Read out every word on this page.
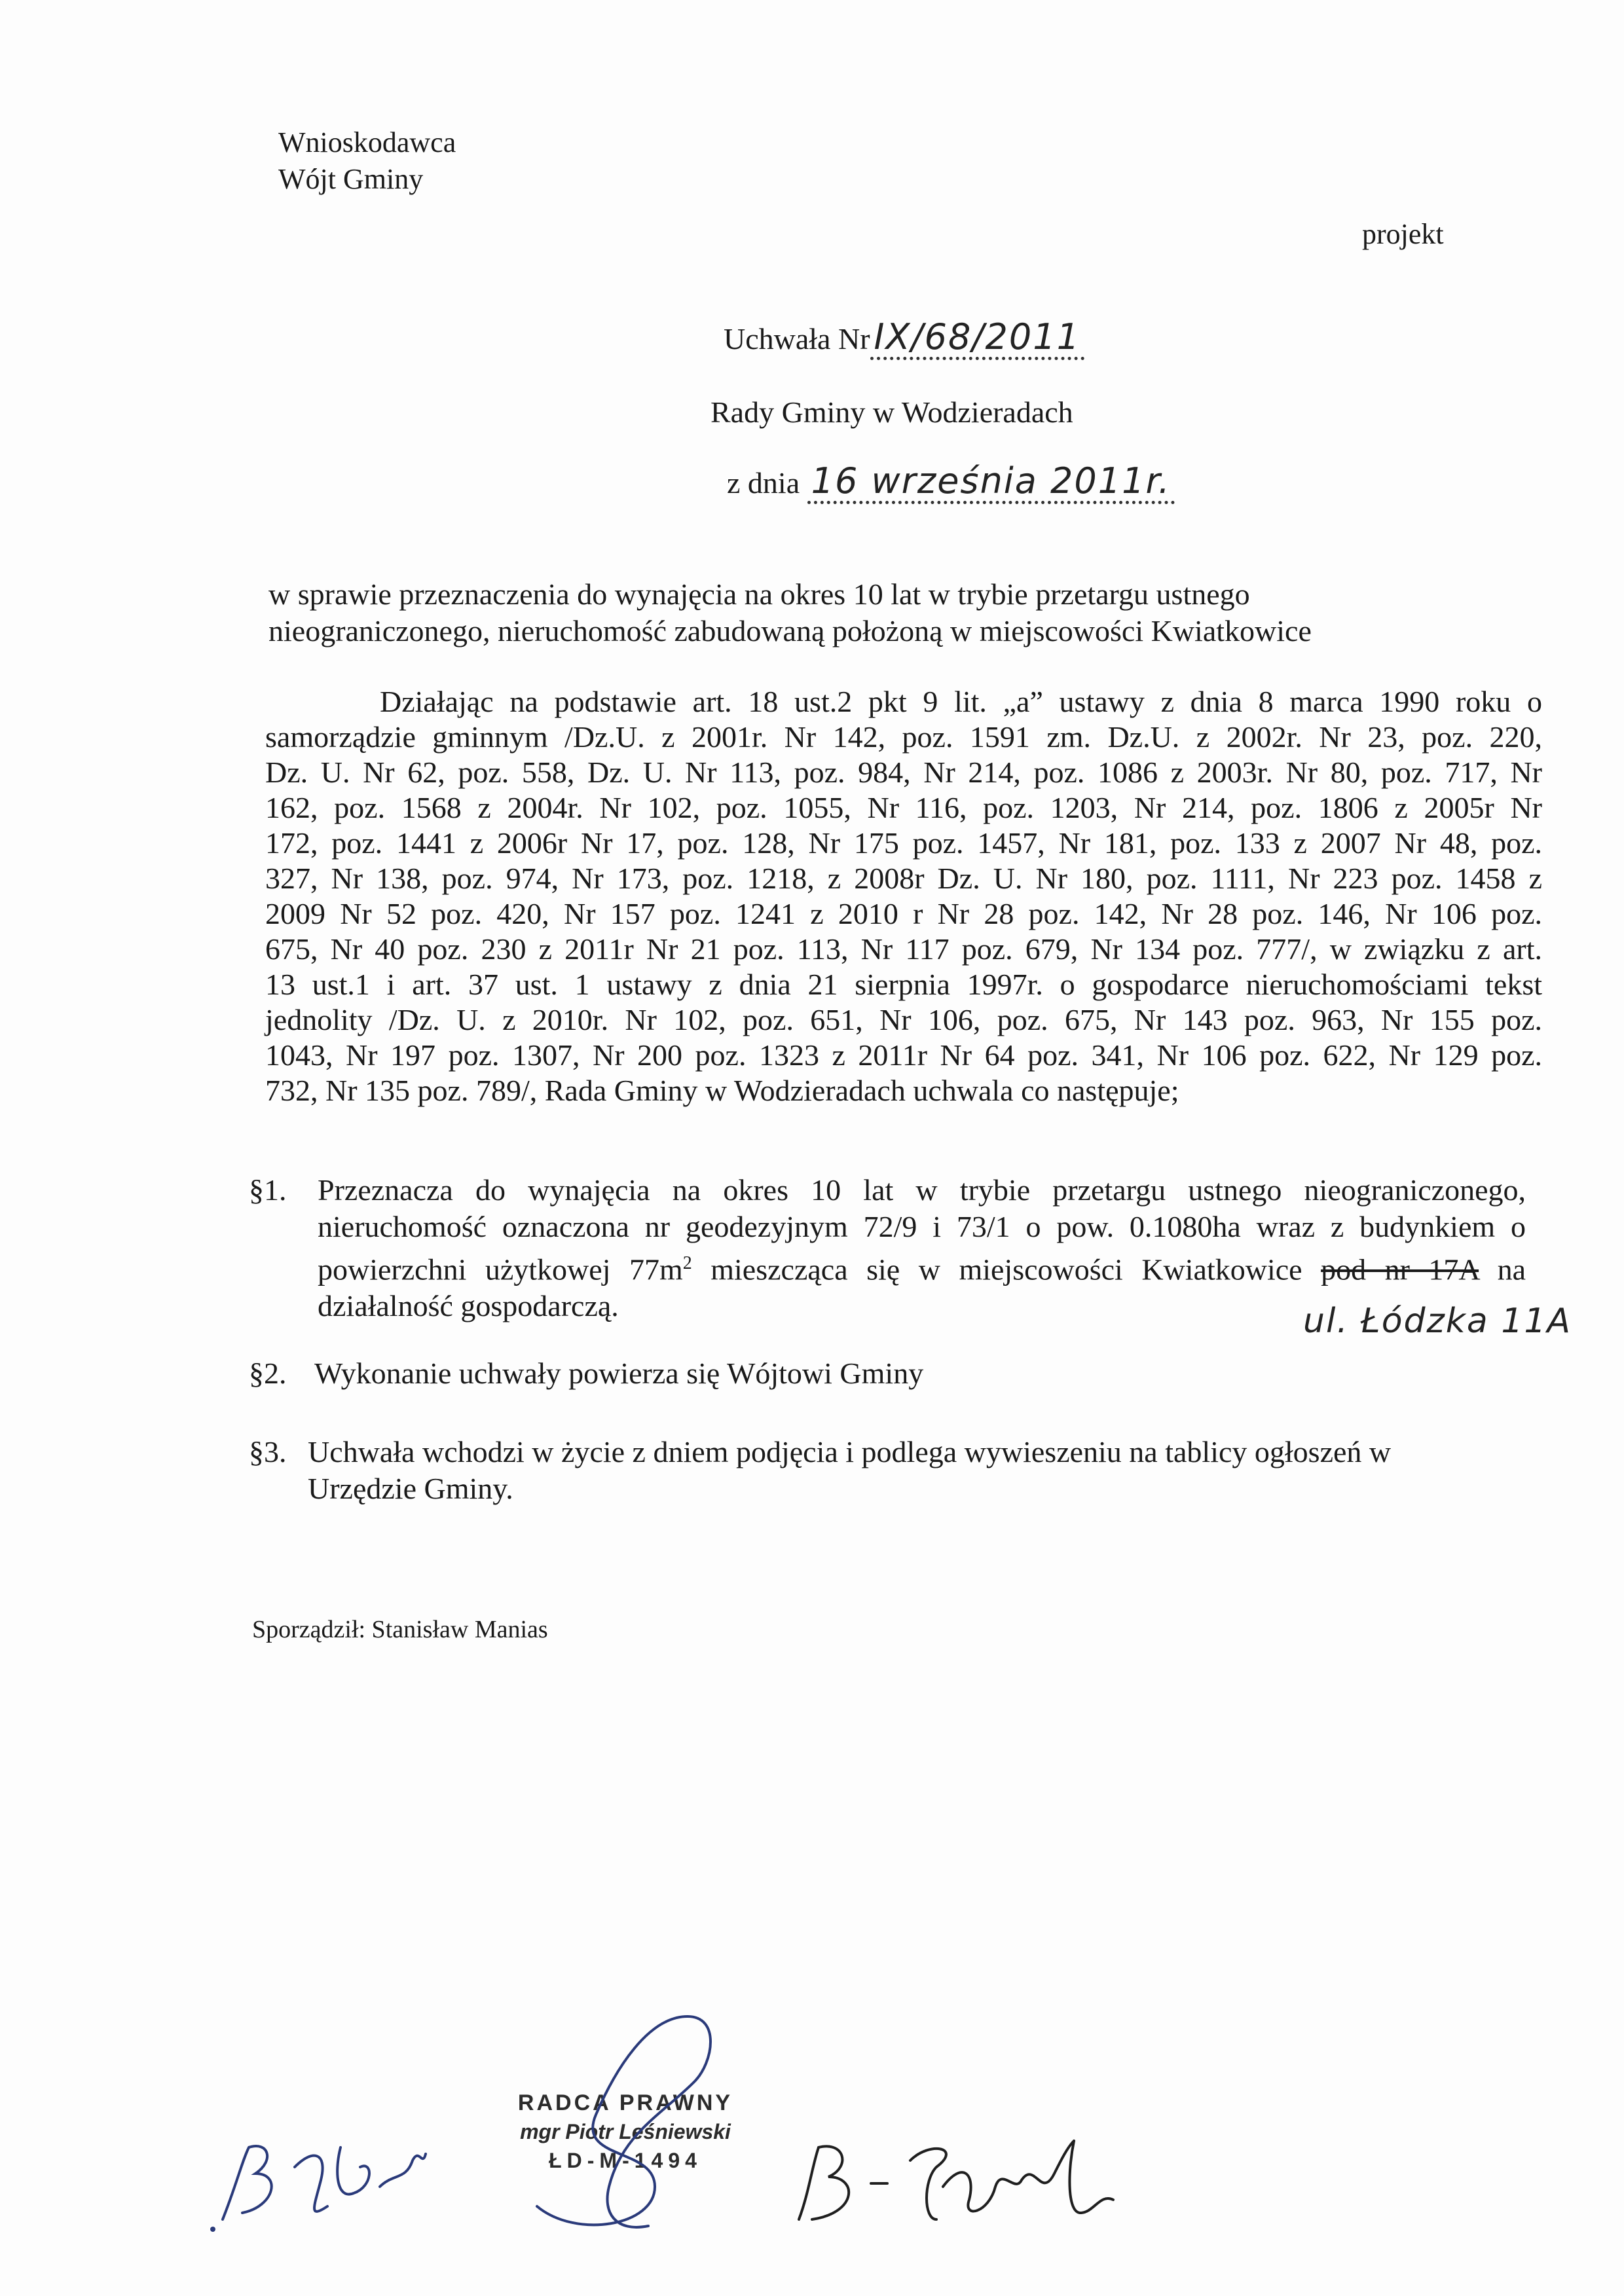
Wnioskodawca
Wójt Gminy
projekt
Uchwała Nr IX/68/2011
Rady Gminy w Wodzieradach
z dnia 16 września 2011r.
w sprawie przeznaczenia do wynajęcia na okres 10 lat w trybie przetargu ustnego
nieograniczonego, nieruchomość zabudowaną położoną w miejscowości Kwiatkowice
Działając na podstawie art. 18 ust.2 pkt 9 lit. „a” ustawy z dnia 8 marca 1990 roku o
samorządzie gminnym /Dz.U. z 2001r. Nr 142, poz. 1591 zm. Dz.U. z 2002r. Nr 23, poz. 220,
Dz. U. Nr 62, poz. 558, Dz. U. Nr 113, poz. 984, Nr 214, poz. 1086 z 2003r. Nr 80, poz. 717, Nr
162, poz. 1568 z 2004r. Nr 102, poz. 1055, Nr 116, poz. 1203, Nr 214, poz. 1806 z 2005r Nr
172, poz. 1441 z 2006r Nr 17, poz. 128, Nr 175 poz. 1457, Nr 181, poz. 133 z 2007 Nr 48, poz.
327, Nr 138, poz. 974, Nr 173, poz. 1218, z 2008r Dz. U. Nr 180, poz. 1111, Nr 223 poz. 1458 z
2009 Nr 52 poz. 420, Nr 157 poz. 1241 z 2010 r Nr 28 poz. 142, Nr 28 poz. 146, Nr 106 poz.
675, Nr 40 poz. 230 z 2011r Nr 21 poz. 113, Nr 117 poz. 679, Nr 134 poz. 777/, w związku z art.
13 ust.1 i art. 37 ust. 1 ustawy z dnia 21 sierpnia 1997r. o gospodarce nieruchomościami tekst
jednolity /Dz. U. z 2010r. Nr 102, poz. 651, Nr 106, poz. 675, Nr 143 poz. 963, Nr 155 poz.
1043, Nr 197 poz. 1307, Nr 200 poz. 1323 z 2011r Nr 64 poz. 341, Nr 106 poz. 622, Nr 129 poz.
732, Nr 135 poz. 789/, Rada Gminy w Wodzieradach uchwala co następuje;
§1. Przeznacza do wynajęcia na okres 10 lat w trybie przetargu ustnego nieograniczonego,
nieruchomość oznaczona nr geodezyjnym 72/9 i 73/1 o pow. 0.1080ha wraz z budynkiem o
powierzchni użytkowej $77m^2$ mieszcząca się w miejscowości Kwiatkowice pod nr 17A na
działalność gospodarczą.	ul. Łódzka 11A
§2. Wykonanie uchwały powierza się Wójtowi Gminy
§3. Uchwała wchodzi w życie z dniem podjęcia i podlega wywieszeniu na tablicy ogłoszeń w
Urzędzie Gminy.
Sporządził: Stanisław Manias
RADCA PRAWNY
mgr Piotr Leśniewski
ŁD-M-1494
